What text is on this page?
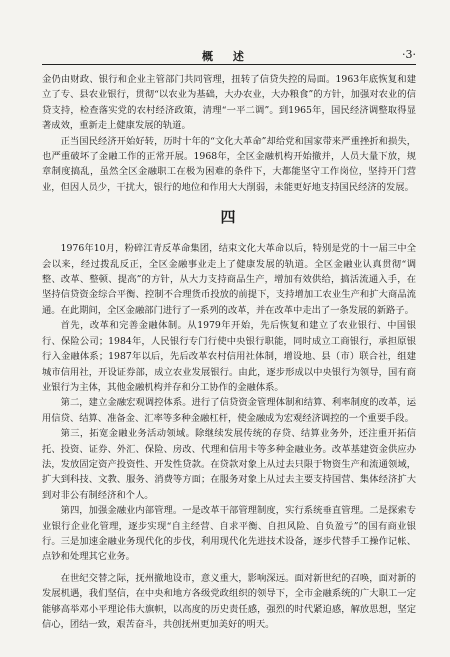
概 述	·3·

金仍由财政、银行和企业主管部门共同管理，扭转了信贷失控的局面。1963年底恢复和建立了专、县农业银行，贯彻“以农业为基础，大办农业，大办粮食”的方针，加强对农业的信贷支持，检查落实党的农村经济政策，清理“一平二调”。到1965年，国民经济调整取得显著成效，重新走上健康发展的轨道。

正当国民经济开始好转，历时十年的“文化大革命”却给党和国家带来严重挫折和损失，也严重破坏了金融工作的正常开展。1968年，全区金融机构开始撤并，人员大量下放，规章制度搞乱，虽然全区金融职工在极为困难的条件下，大都能坚守工作岗位，坚持开门营业，但因人员少，干扰大，银行的地位和作用大大削弱，未能更好地支持国民经济的发展。

四

1976年10月，粉碎江青反革命集团，结束文化大革命以后，特别是党的十一届三中全会以来，经过拨乱反正，全区金融事业走上了健康发展的轨道。全区金融业认真贯彻“调整、改革、整顿、提高”的方针，从大力支持商品生产，增加有效供给，搞活流通入手，在坚持信贷资金综合平衡、控制不合理货币投放的前提下，支持增加工农业生产和扩大商品流通。在此期间，全区金融部门进行了一系列的改革，并在改革中走出了一条发展的新路子。

首先，改革和完善金融体制。从1979年开始，先后恢复和建立了农业银行、中国银行、保险公司；1984年，人民银行专门行使中央银行职能，同时成立工商银行，承担原银行入金融体系；1987年以后，先后改革农村信用社体制，增设地、县（市）联合社，组建城市信用社，开设证券部，成立农业发展银行。由此，逐步形成以中央银行为领导，国有商业银行为主体，其他金融机构并存和分工协作的金融体系。

第二，建立金融宏观调控体系。进行了信贷资金管理体制和结算、利率制度的改革，运用信贷、结算、准备金、汇率等多种金融杠杆，使金融成为宏观经济调控的一个重要手段。

第三，拓宽金融业务活动领域。除继续发展传统的存贷、结算业务外，还注重开拓信托、投资、证券、外汇、保险、房改、代理和信用卡等多种金融业务。改革基建资金供应办法，发放固定资产投资性、开发性贷款。在贷款对象上从过去只限于物资生产和流通领域，扩大到科技、文教、服务、消费等方面；在服务对象上从过去主要支持国营、集体经济扩大到对非公有制经济和个人。

第四，加强金融业内部管理。一是改革干部管理制度，实行系统垂直管理。二是探索专业银行企业化管理，逐步实现“自主经营、自求平衡、自担风险、自负盈亏”的国有商业银行。三是加速金融业务现代化的步伐，利用现代化先进技术设备，逐步代替手工操作记帐、点钞和处理其它业务。

在世纪交替之际，抚州撤地设市，意义重大，影响深远。面对新世纪的召唤，面对新的发展机遇，我们坚信，在中央和地方各级党政组织的领导下，全市金融系统的广大职工一定能够高举邓小平理论伟大旗帜，以高度的历史责任感，强烈的时代紧迫感，解放思想，坚定信心，团结一致，艰苦奋斗，共创抚州更加美好的明天。
